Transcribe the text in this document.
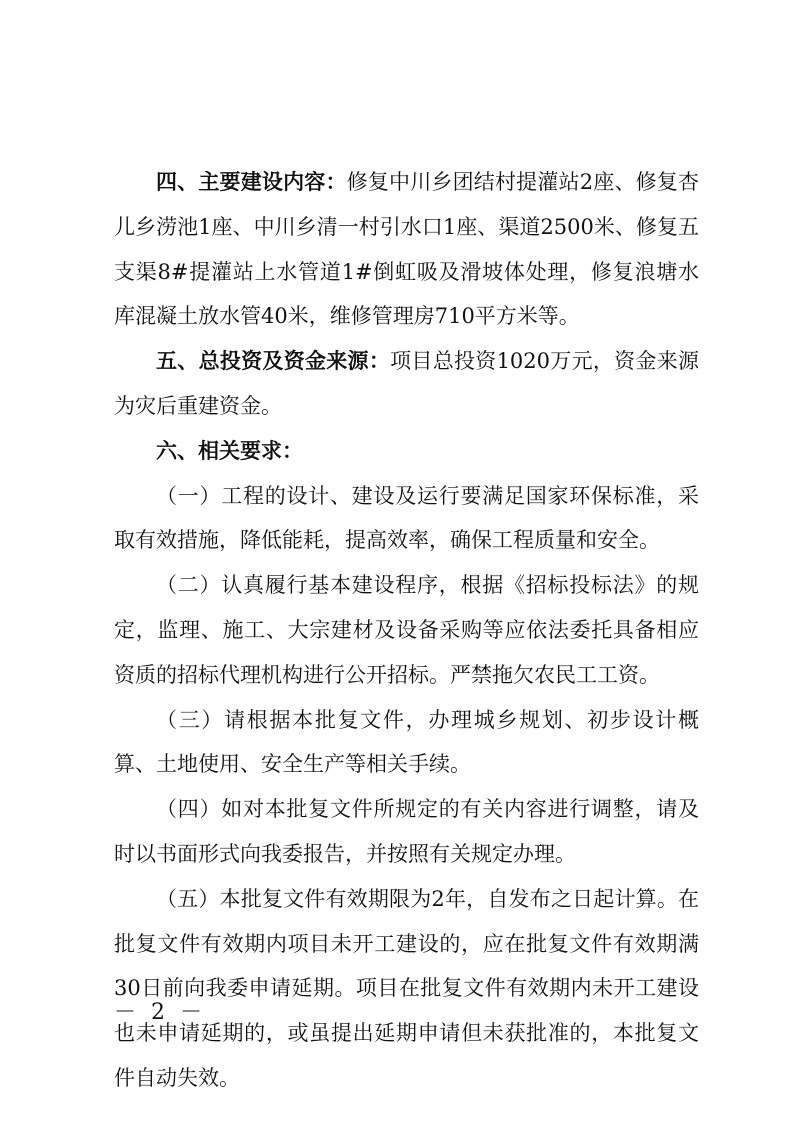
四、主要建设内容：修复中川乡团结村提灌站2座、修复杏儿乡涝池1座、中川乡清一村引水口1座、渠道2500米、修复五支渠8#提灌站上水管道1#倒虹吸及滑坡体处理，修复浪塘水库混凝土放水管40米，维修管理房710平方米等。

五、总投资及资金来源：项目总投资1020万元，资金来源为灾后重建资金。

六、相关要求：

（一）工程的设计、建设及运行要满足国家环保标准，采取有效措施，降低能耗，提高效率，确保工程质量和安全。

（二）认真履行基本建设程序，根据《招标投标法》的规定，监理、施工、大宗建材及设备采购等应依法委托具备相应资质的招标代理机构进行公开招标。严禁拖欠农民工工资。

（三）请根据本批复文件，办理城乡规划、初步设计概算、土地使用、安全生产等相关手续。

（四）如对本批复文件所规定的有关内容进行调整，请及时以书面形式向我委报告，并按照有关规定办理。

（五）本批复文件有效期限为2年，自发布之日起计算。在批复文件有效期内项目未开工建设的，应在批复文件有效期满30日前向我委申请延期。项目在批复文件有效期内未开工建设也未申请延期的，或虽提出延期申请但未获批准的，本批复文件自动失效。

－ 2 －
